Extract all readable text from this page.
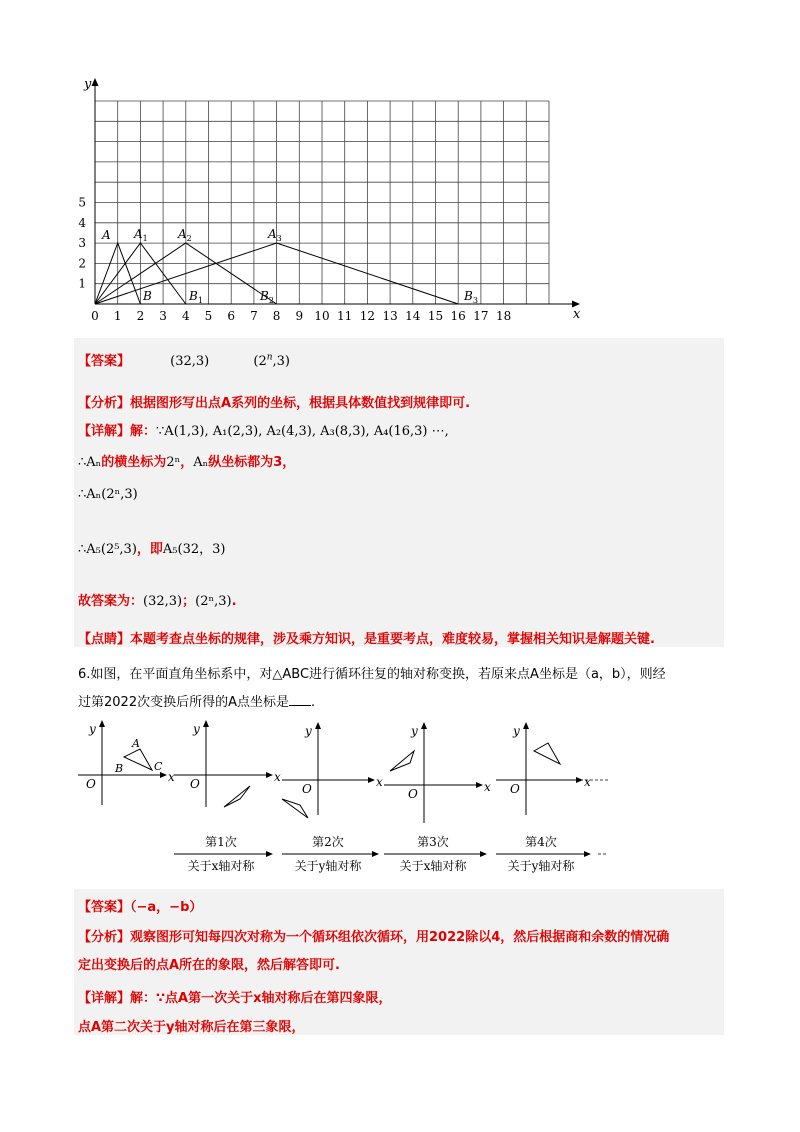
y
x
0 1 2 3 4 5 6 7 8 9 10 11 12 13 14 15 16 17 18
1
2
3
4
5
A $A_1$	$A_2$	$A_3$
B	$B_1$	$B_2$	$B_3$
【答案】	(32,3)	(2$^n$,3)
【分析】根据图形写出点A系列的坐标，根据具体数值找到规律即可.
【详解】解：∵A(1,3), A₁(2,3), A₂(4,3), A₃(8,3), A₄(16,3) ⋯,
∴Aₙ的横坐标为2ⁿ，Aₙ纵坐标都为3，
∴Aₙ(2ⁿ,3)
∴A₅(2⁵,3)，即A₅(32，3)
故答案为：(32,3)；(2ⁿ,3).
【点睛】本题考查点坐标的规律，涉及乘方知识，是重要考点，难度较易，掌握相关知识是解题关键.
6.如图，在平面直角坐标系中，对△ABC进行循环往复的轴对称变换，若原来点A坐标是（a，b），则经
过第2022次变换后所得的A点坐标是 .
y
x
O
y
x
O
y
x
O
y
x
O
y
x
O
A
B	C
第1次
关于x轴对称
第2次
关于y轴对称
第3次
关于x轴对称
第4次
关于y轴对称
【答案】（−a，−b）
【分析】观察图形可知每四次对称为一个循环组依次循环，用2022除以4，然后根据商和余数的情况确
定出变换后的点A所在的象限，然后解答即可.
【详解】解：∵点A第一次关于x轴对称后在第四象限，
点A第二次关于y轴对称后在第三象限，
